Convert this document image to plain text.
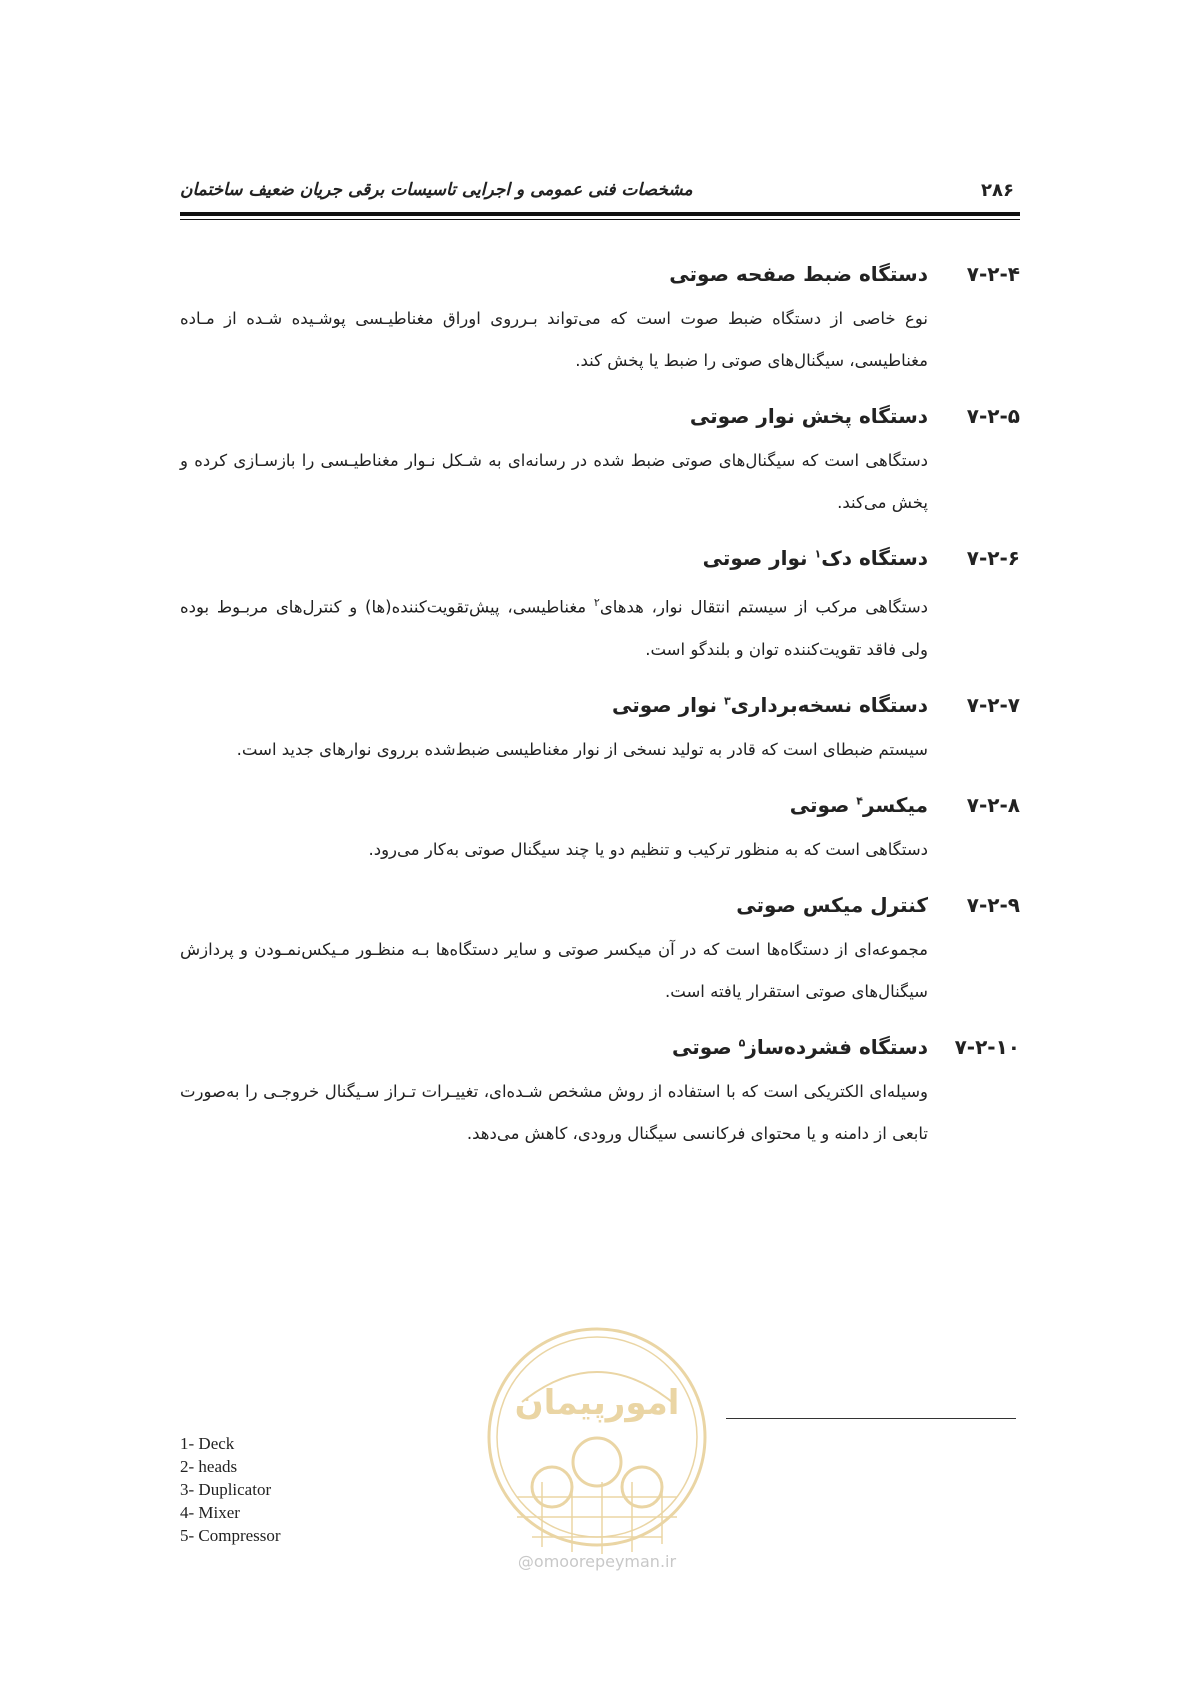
۲۸۶
مشخصات فنی عمومی و اجرایی تاسیسات برقی جریان ضعیف ساختمان
۷-۲-۴
دستگاه ضبط صفحه صوتی
نوع خاصی از دستگاه ضبط صوت است که می‌تواند بـرروی اوراق مغناطیـسی پوشـیده شـده از مـاده مغناطیسی، سیگنال‌های صوتی را ضبط یا پخش کند.
۷-۲-۵
دستگاه پخش نوار صوتی
دستگاهی است که سیگنال‌های صوتی ضبط شده در رسانه‌ای به شـکل نـوار مغناطیـسی را بازسـازی کرده و پخش می‌کند.
۷-۲-۶
دستگاه دک$^۱$ نوار صوتی
دستگاهی مرکب از سیستم انتقال نوار، هدهای$^۲$ مغناطیسی، پیش‌تقویت‌کننده(ها) و کنترل‌های مربـوط بوده ولی فاقد تقویت‌کننده توان و بلندگو است.
۷-۲-۷
دستگاه نسخه‌برداری$^۳$ نوار صوتی
سیستم ضبطای است که قادر به تولید نسخی از نوار مغناطیسی ضبط‌شده برروی نوارهای جدید است.
۷-۲-۸
میکسر$^۴$ صوتی
دستگاهی است که به منظور ترکیب و تنظیم دو یا چند سیگنال صوتی به‌کار می‌رود.
۷-۲-۹
کنترل میکس صوتی
مجموعه‌ای از دستگاه‌ها است که در آن میکسر صوتی و سایر دستگاه‌ها بـه منظـور مـیکس‌نمـودن و پردازش سیگنال‌های صوتی استقرار یافته است.
۷-۲-۱۰
دستگاه فشرده‌ساز$^۵$ صوتی
وسیله‌ای الکتریکی است که با استفاده از روش مشخص شـده‌ای، تغییـرات تـراز سـیگنال خروجـی را به‌صورت تابعی از دامنه و یا محتوای فرکانسی سیگنال ورودی، کاهش می‌دهد.
1- Deck
2- heads
3- Duplicator
4- Mixer
5- Compressor
امورپیمان
@omoorepeyman.ir
